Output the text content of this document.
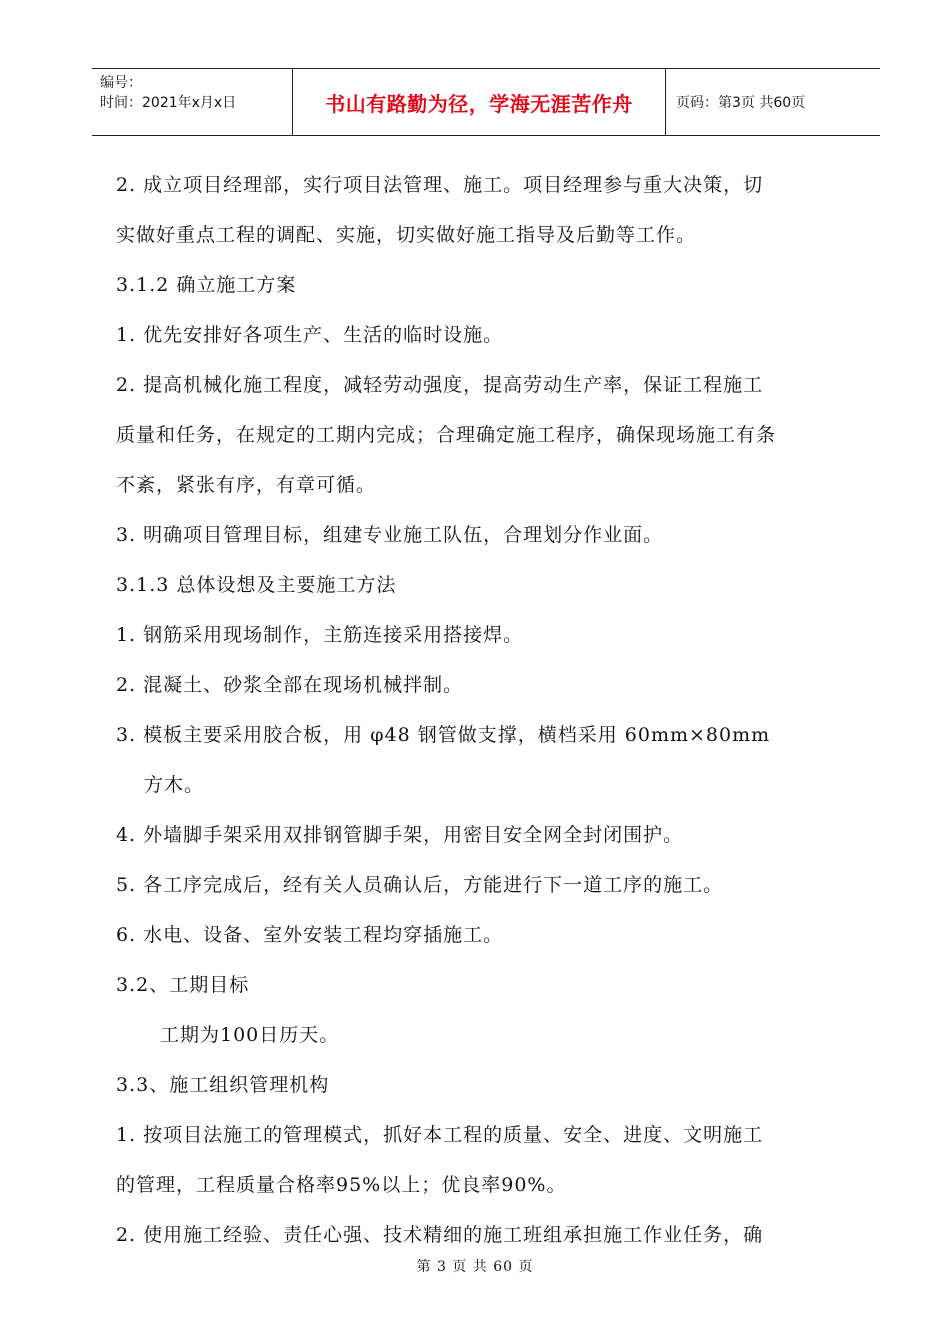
编号：
时间：2021年x月x日	书山有路勤为径，学海无涯苦作舟	页码：第3页 共60页
2. 成立项目经理部，实行项目法管理、施工。项目经理参与重大决策，切
实做好重点工程的调配、实施，切实做好施工指导及后勤等工作。
3.1.2 确立施工方案
1. 优先安排好各项生产、生活的临时设施。
2. 提高机械化施工程度，减轻劳动强度，提高劳动生产率，保证工程施工
质量和任务，在规定的工期内完成；合理确定施工程序，确保现场施工有条
不紊，紧张有序，有章可循。
3. 明确项目管理目标，组建专业施工队伍，合理划分作业面。
3.1.3 总体设想及主要施工方法
1. 钢筋采用现场制作，主筋连接采用搭接焊。
2. 混凝土、砂浆全部在现场机械拌制。
3. 模板主要采用胶合板，用 φ48 钢管做支撑，横档采用 60mm×80mm
方木。
4. 外墙脚手架采用双排钢管脚手架，用密目安全网全封闭围护。
5. 各工序完成后，经有关人员确认后，方能进行下一道工序的施工。
6. 水电、设备、室外安装工程均穿插施工。
3.2、工期目标
工期为100日历天。
3.3、施工组织管理机构
1. 按项目法施工的管理模式，抓好本工程的质量、安全、进度、文明施工
的管理，工程质量合格率95%以上；优良率90%。
2. 使用施工经验、责任心强、技术精细的施工班组承担施工作业任务，确
第 3 页 共 60 页
